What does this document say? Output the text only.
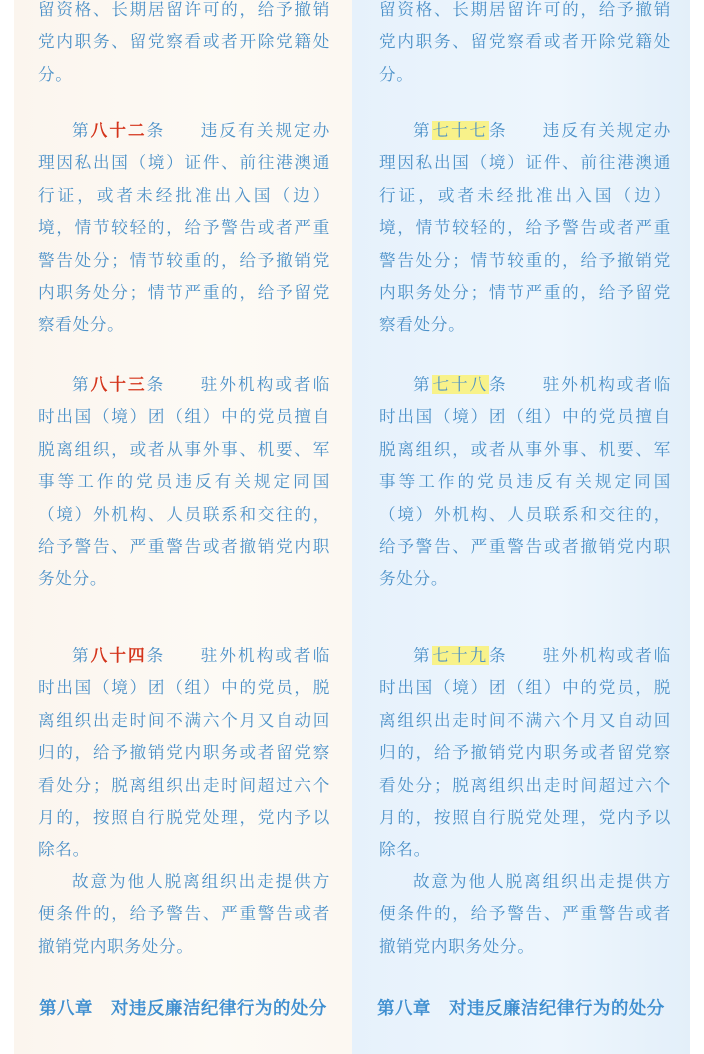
留资格、长期居留许可的，给予撤销党内职务、留党察看或者开除党籍处分。

第八十二条 违反有关规定办理因私出国（境）证件、前往港澳通行证，或者未经批准出入国（边）境，情节较轻的，给予警告或者严重警告处分；情节较重的，给予撤销党内职务处分；情节严重的，给予留党察看处分。

第八十三条 驻外机构或者临时出国（境）团（组）中的党员擅自脱离组织，或者从事外事、机要、军事等工作的党员违反有关规定同国（境）外机构、人员联系和交往的，给予警告、严重警告或者撤销党内职务处分。

第八十四条 驻外机构或者临时出国（境）团（组）中的党员，脱离组织出走时间不满六个月又自动回归的，给予撤销党内职务或者留党察看处分；脱离组织出走时间超过六个月的，按照自行脱党处理，党内予以除名。

故意为他人脱离组织出走提供方便条件的，给予警告、严重警告或者撤销党内职务处分。

第八章　对违反廉洁纪律行为的处分

留资格、长期居留许可的，给予撤销党内职务、留党察看或者开除党籍处分。

第七十七条 违反有关规定办理因私出国（境）证件、前往港澳通行证，或者未经批准出入国（边）境，情节较轻的，给予警告或者严重警告处分；情节较重的，给予撤销党内职务处分；情节严重的，给予留党察看处分。

第七十八条 驻外机构或者临时出国（境）团（组）中的党员擅自脱离组织，或者从事外事、机要、军事等工作的党员违反有关规定同国（境）外机构、人员联系和交往的，给予警告、严重警告或者撤销党内职务处分。

第七十九条 驻外机构或者临时出国（境）团（组）中的党员，脱离组织出走时间不满六个月又自动回归的，给予撤销党内职务或者留党察看处分；脱离组织出走时间超过六个月的，按照自行脱党处理，党内予以除名。

故意为他人脱离组织出走提供方便条件的，给予警告、严重警告或者撤销党内职务处分。

第八章　对违反廉洁纪律行为的处分
